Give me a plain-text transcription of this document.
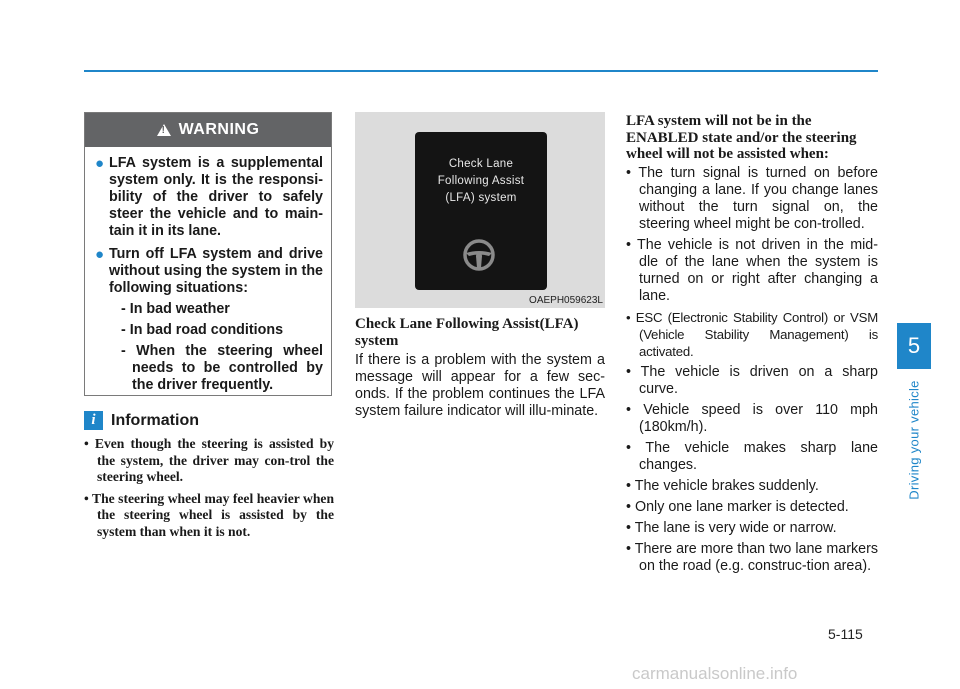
!
WARNING
● LFA system is a supplemental system only. It is the responsi-bility of the driver to safely steer the vehicle and to main-tain it in its lane.
● Turn off LFA system and drive without using the system in the following situations:
- In bad weather
- In bad road conditions
- When the steering wheel needs to be controlled by the driver frequently.
i Information
• Even though the steering is assisted by the system, the driver may con-trol the steering wheel.
• The steering wheel may feel heavier when the steering wheel is assisted by the system than when it is not.
Check Lane
Following Assist
(LFA) system
OAEPH059623L
Check Lane Following Assist(LFA) system
If there is a problem with the system a message will appear for a few sec-onds. If the problem continues the LFA system failure indicator will illu-minate.
LFA system will not be in the ENABLED state and/or the steering wheel will not be assisted when:
• The turn signal is turned on before changing a lane. If you change lanes without the turn signal on, the steering wheel might be con-trolled.
• The vehicle is not driven in the mid-dle of the lane when the system is turned on or right after changing a lane.
• ESC (Electronic Stability Control) or VSM (Vehicle Stability Management) is activated.
• The vehicle is driven on a sharp curve.
• Vehicle speed is over 110 mph (180km/h).
• The vehicle makes sharp lane changes.
• The vehicle brakes suddenly.
• Only one lane marker is detected.
• The lane is very wide or narrow.
• There are more than two lane markers on the road (e.g. construc-tion area).
5
Driving your vehicle
5-115
carmanualsonline.info
